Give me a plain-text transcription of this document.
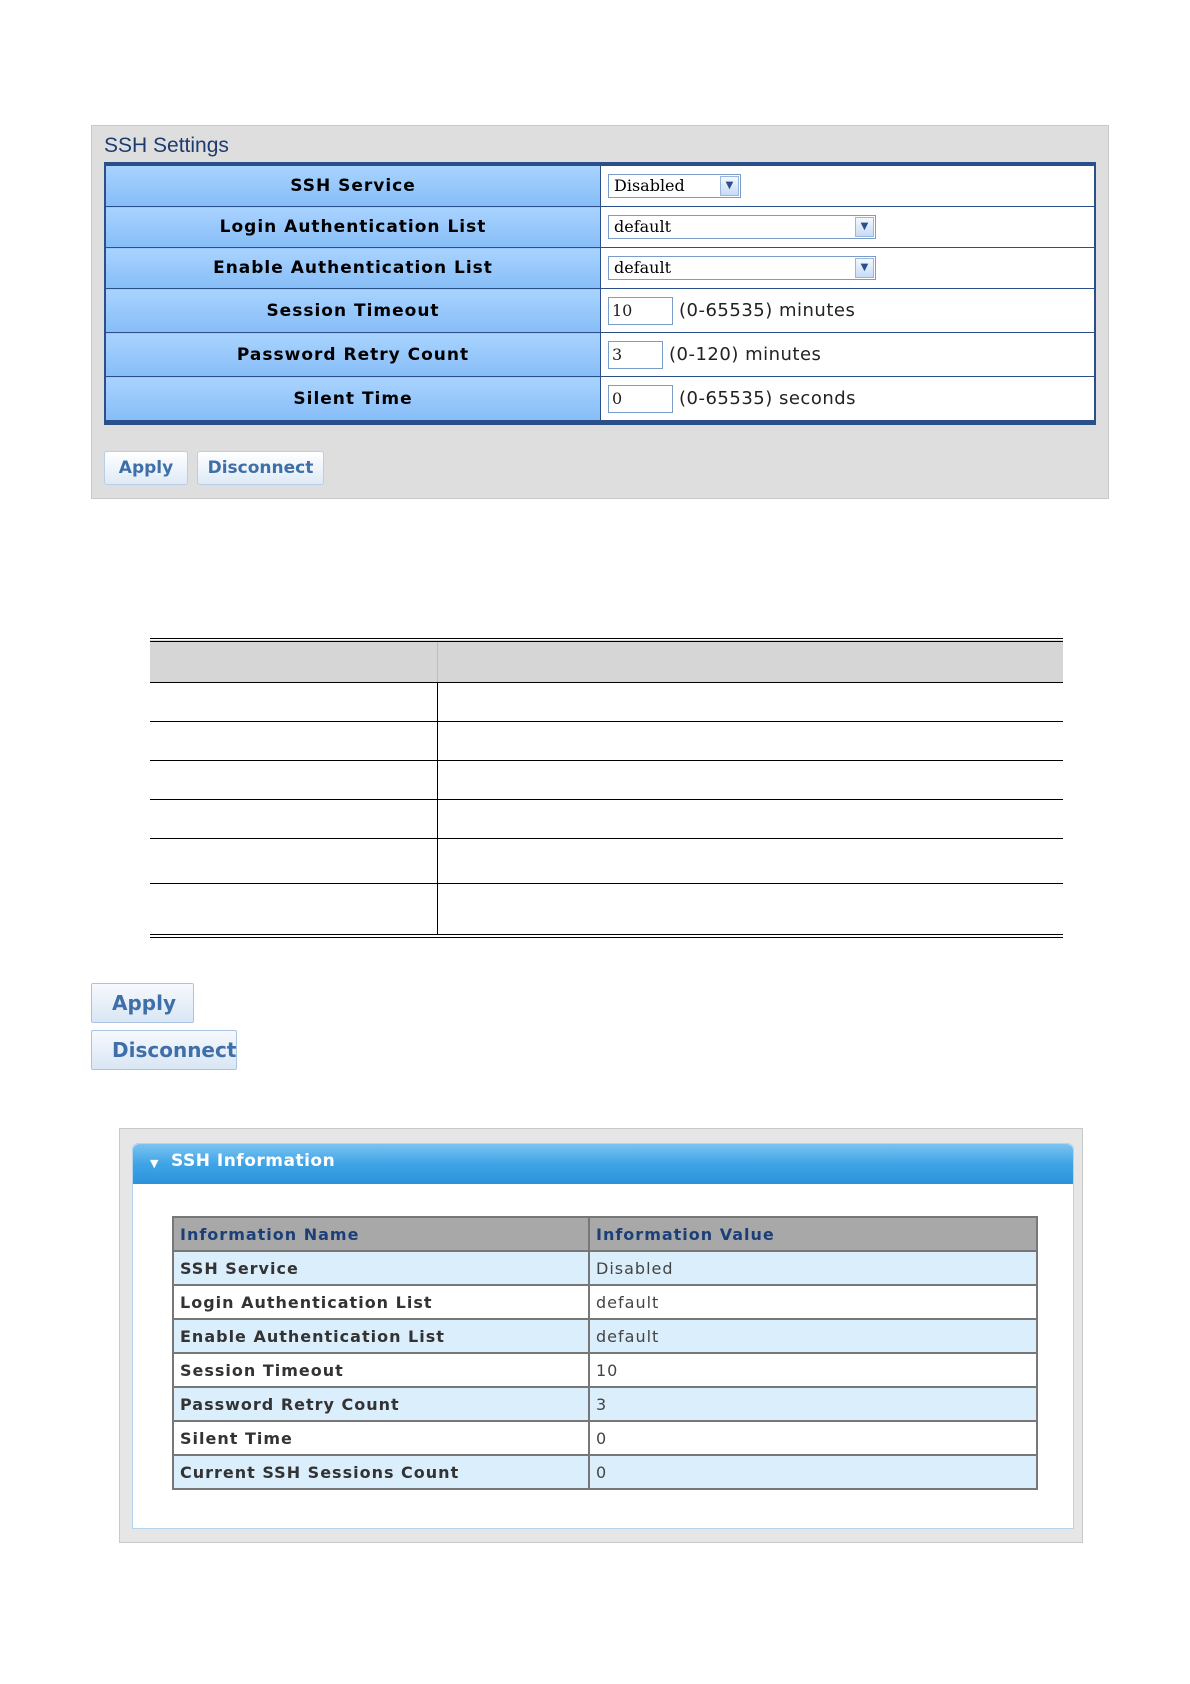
SSH Settings
SSH Service	Disabled ▼

Login Authentication List	default ▼

Enable Authentication List	default ▼

Session Timeout	10 (0-65535) minutes
Password Retry Count	3 (0-120) minutes
Silent Time	0 (0-65535) seconds
Apply	Disconnect

Apply
Disconnect
▼ SSH Information
Information Name	Information Value
SSH Service	Disabled
Login Authentication List	default
Enable Authentication List	default
Session Timeout	10
Password Retry Count	3
Silent Time	0
Current SSH Sessions Count	0
